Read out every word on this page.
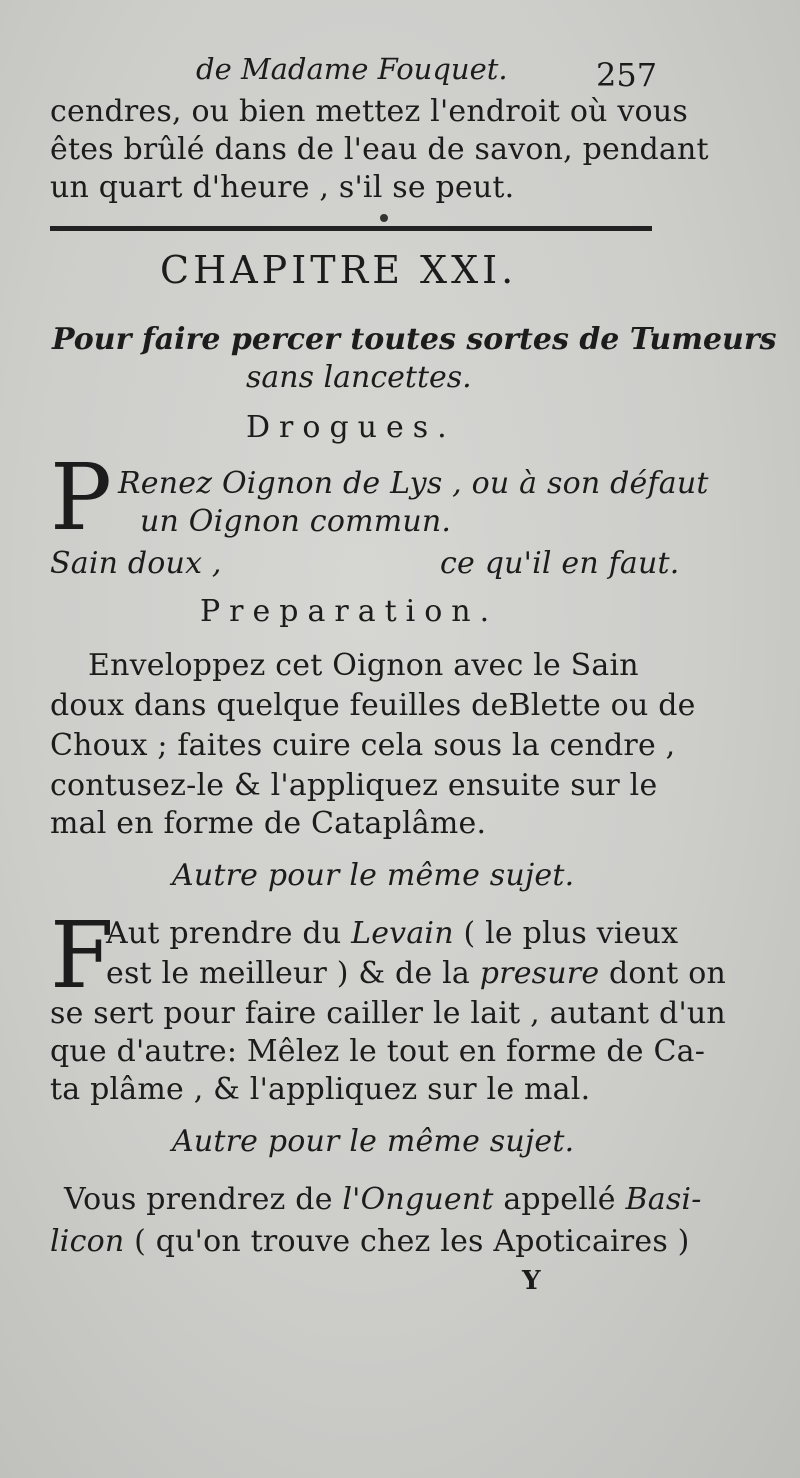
de Madame Fouquet.	257
cendres, ou bien mettez l'endroit où vous
êtes brûlé dans de l'eau de savon, pendant
un quart d'heure , s'il se peut.
CHAPITRE XXI.
Pour faire percer toutes sortes de Tumeurs
sans lancettes.
Drogues.
P Renez Oignon de Lys , ou à son défaut
un Oignon commun.
Sain doux ,	ce qu'il en faut.
Preparation.
Enveloppez cet Oignon avec le Sain
doux dans quelque feuilles deBlette ou de
Choux ; faites cuire cela sous la cendre ,
contusez-le & l'appliquez ensuite sur le
mal en forme de Cataplâme.
Autre pour le même sujet.
F
Aut prendre du Levain ( le plus vieux
est le meilleur ) & de la presure dont on
se sert pour faire cailler le lait , autant d'un
que d'autre: Mêlez le tout en forme de Ca-
ta plâme , & l'appliquez sur le mal.
Autre pour le même sujet.
Vous prendrez de l'Onguent appellé Basi-
licon ( qu'on trouve chez les Apoticaires )
Y
